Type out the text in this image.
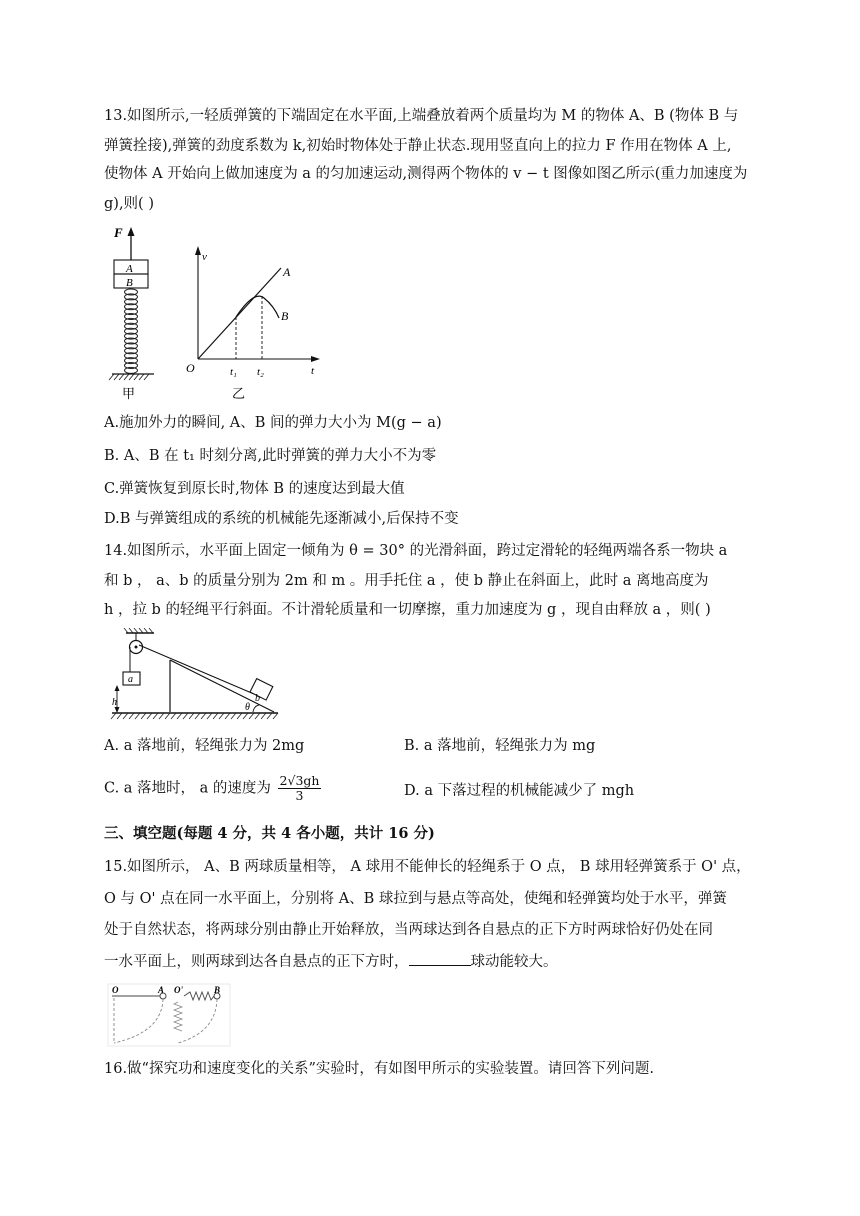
13.如图所示,一轻质弹簧的下端固定在水平面,上端叠放着两个质量均为 M 的物体 A、B (物体 B 与

弹簧拴接),弹簧的劲度系数为 k,初始时物体处于静止状态.现用竖直向上的拉力 F 作用在物体 A 上,

使物体 A 开始向上做加速度为 a 的匀加速运动,测得两个物体的 v − t 图像如图乙所示(重力加速度为

g),则( )

F
A
B
甲
v
t
O
A
B
t₁ t₂
乙

A.施加外力的瞬间, A、B 间的弹力大小为 M(g − a)

B. A、B 在 t₁ 时刻分离,此时弹簧的弹力大小不为零

C.弹簧恢复到原长时,物体 B 的速度达到最大值

D.B 与弹簧组成的系统的机械能先逐渐减小,后保持不变

14.如图所示，水平面上固定一倾角为 θ = 30° 的光滑斜面，跨过定滑轮的轻绳两端各系一物块 a

和 b ， a、b 的质量分别为 2m 和 m 。用手托住 a ，使 b 静止在斜面上，此时 a 离地高度为

h ，拉 b 的轻绳平行斜面。不计滑轮质量和一切摩擦，重力加速度为 g ，现自由释放 a ，则( )

a
b
θ
h
A. a 落地前，轻绳张力为 2mg	B. a 落地前，轻绳张力为 mg
C. a 落地时， a 的速度为 $\frac{2√3gh}{3}$	D. a 下落过程的机械能减少了 mgh

三、填空题(每题 4 分，共 4 各小题，共计 16 分)

15.如图所示， A、B 两球质量相等， A 球用不能伸长的轻绳系于 O 点， B 球用轻弹簧系于 O' 点，

O 与 O' 点在同一水平面上，分别将 A、B 球拉到与悬点等高处，使绳和轻弹簧均处于水平，弹簧

处于自然状态，将两球分别由静止开始释放，当两球达到各自悬点的正下方时两球恰好仍处在同

一水平面上，则两球到达各自悬点的正下方时，	球动能较大。

O	A O'	B

16.做“探究功和速度变化的关系”实验时，有如图甲所示的实验装置。请回答下列问题.
